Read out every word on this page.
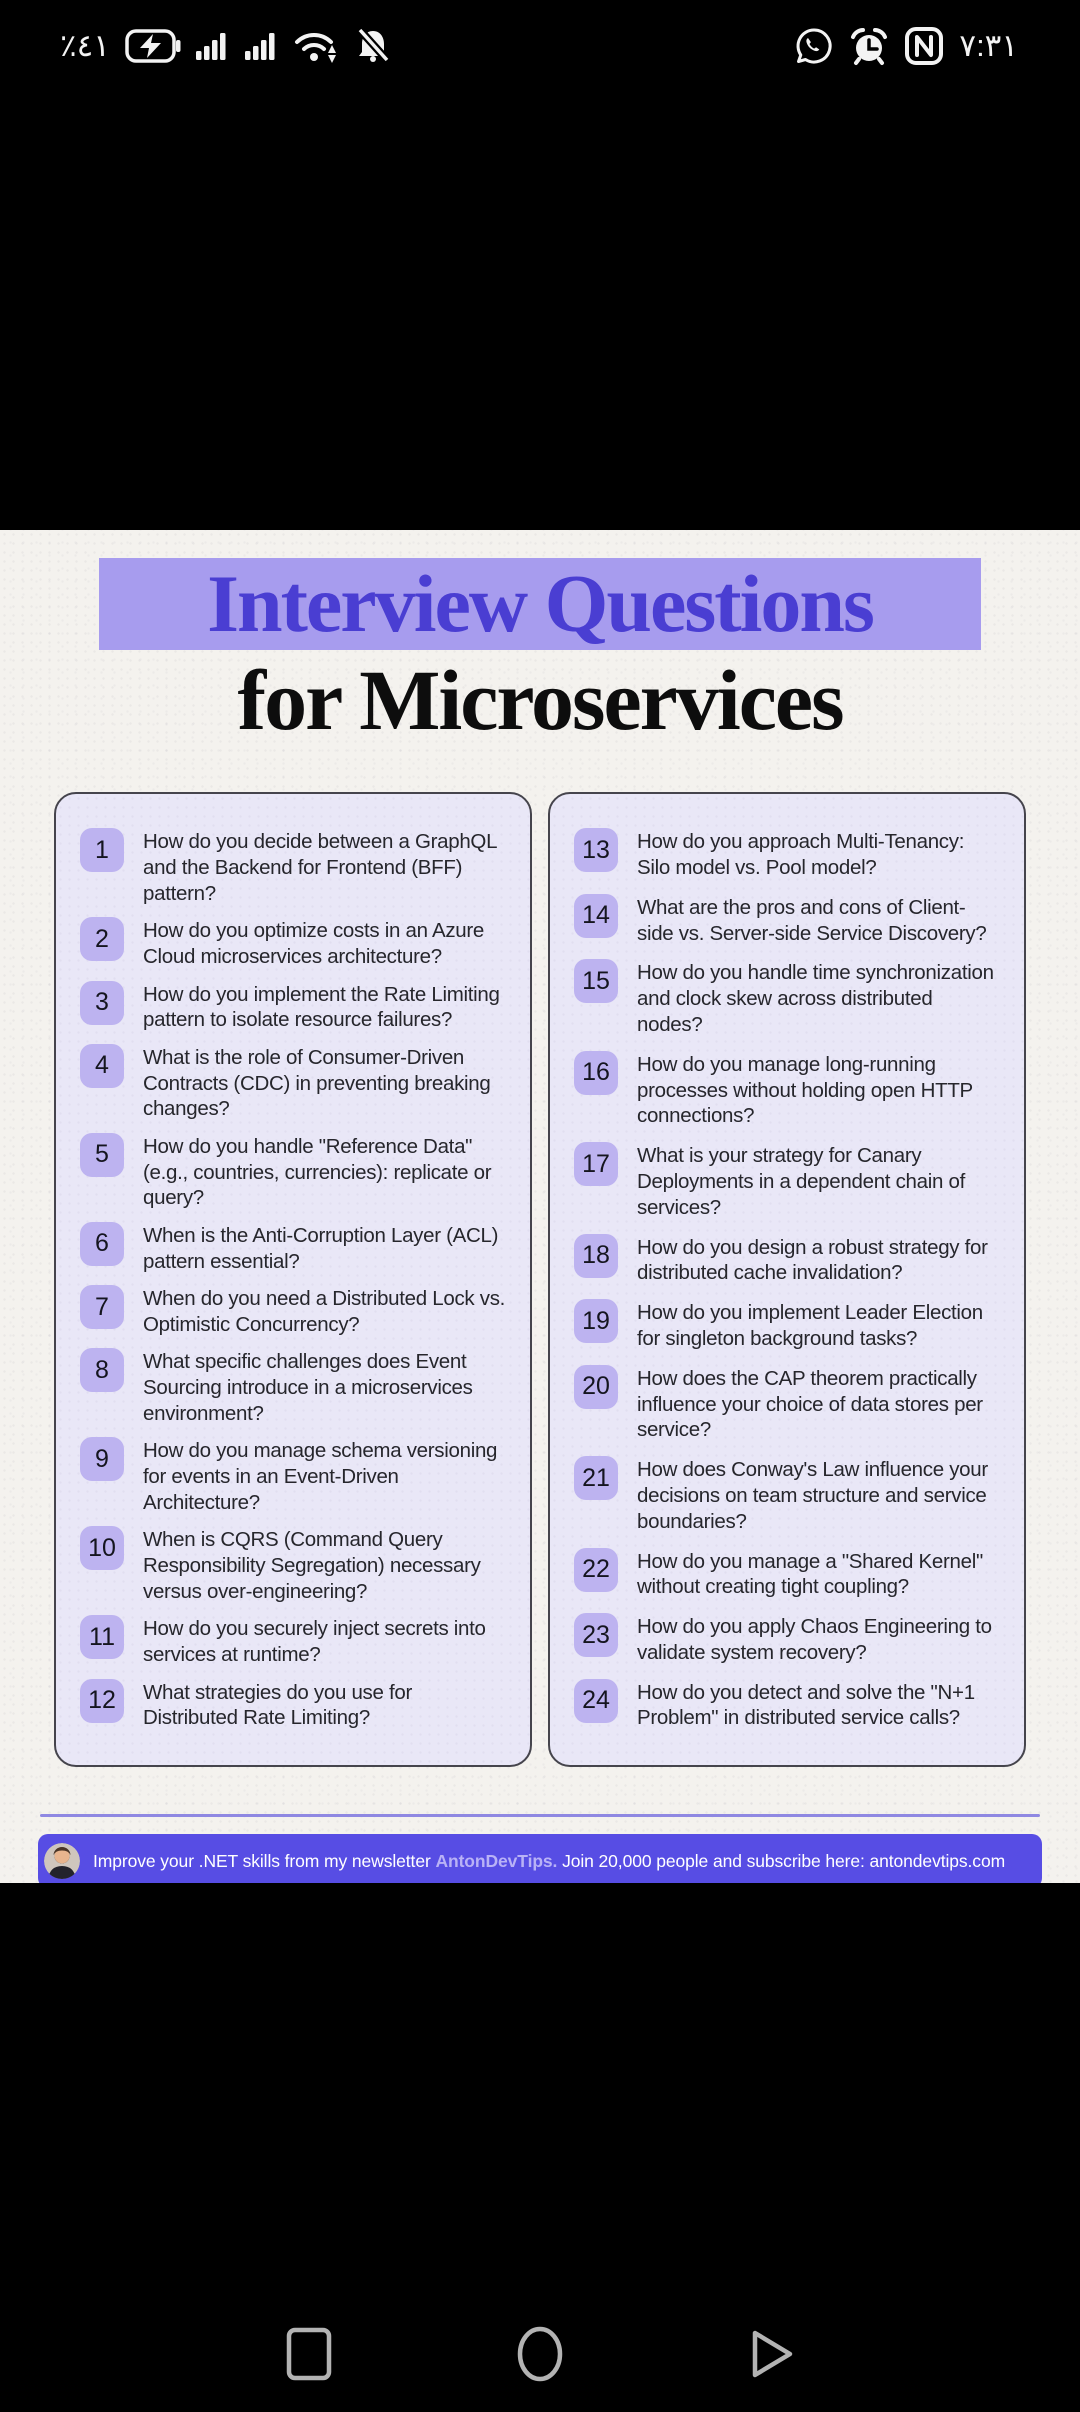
٪٤١	٧:٣١
Interview Questions
for Microservices
1	How do you decide between a GraphQL and the Backend for Frontend (BFF) pattern?
2	How do you optimize costs in an Azure Cloud microservices architecture?
3	How do you implement the Rate Limiting pattern to isolate resource failures?
4	What is the role of Consumer-Driven Contracts (CDC) in preventing breaking changes?
5	How do you handle "Reference Data" (e.g., countries, currencies): replicate or query?
6	When is the Anti-Corruption Layer (ACL) pattern essential?
7	When do you need a Distributed Lock vs. Optimistic Concurrency?
8	What specific challenges does Event Sourcing introduce in a microservices environment?
9	How do you manage schema versioning for events in an Event-Driven Architecture?
10	When is CQRS (Command Query Responsibility Segregation) necessary versus over-engineering?
11	How do you securely inject secrets into services at runtime?
12	What strategies do you use for Distributed Rate Limiting?
13	How do you approach Multi-Tenancy: Silo model vs. Pool model?
14	What are the pros and cons of Client-side vs. Server-side Service Discovery?
15	How do you handle time synchronization and clock skew across distributed nodes?
16	How do you manage long-running processes without holding open HTTP connections?
17	What is your strategy for Canary Deployments in a dependent chain of services?
18	How do you design a robust strategy for distributed cache invalidation?
19	How do you implement Leader Election for singleton background tasks?
20	How does the CAP theorem practically influence your choice of data stores per service?
21	How does Conway's Law influence your decisions on team structure and service boundaries?
22	How do you manage a "Shared Kernel" without creating tight coupling?
23	How do you apply Chaos Engineering to validate system recovery?
24	How do you detect and solve the "N+1 Problem" in distributed service calls?
Improve your .NET skills from my newsletter AntonDevTips. Join 20,000 people and subscribe here: antondevtips.com
